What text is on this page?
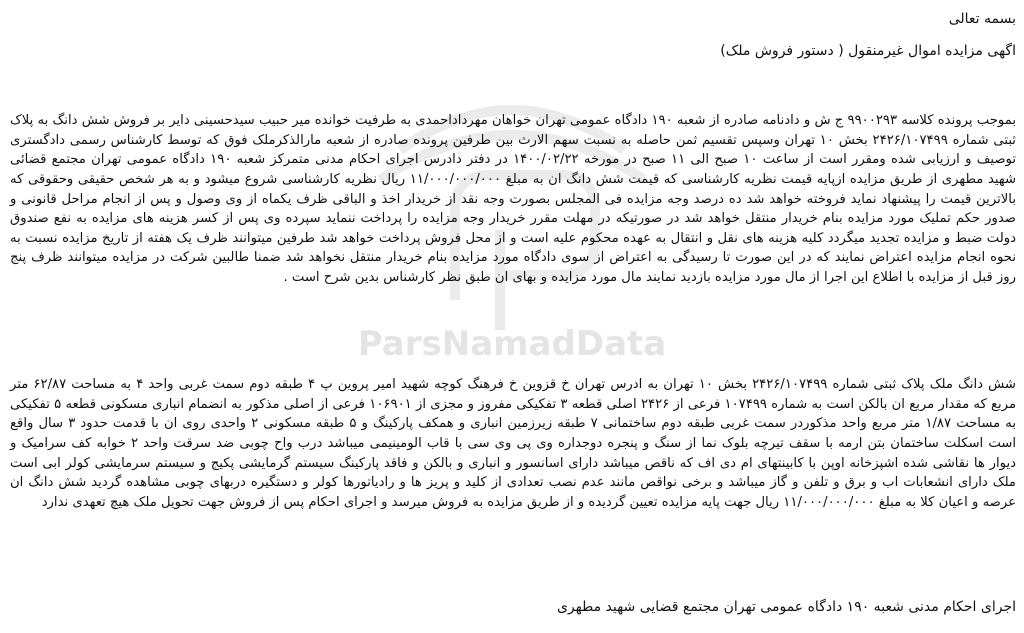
ParsNamadData
بسمه تعالی
اگهی مزایده اموال غیرمنقول ( دستور فروش ملک)

بموجب پرونده کلاسه ۹۹۰۰۲۹۳ ج ش و دادنامه صادره از شعبه ۱۹۰ دادگاه عمومی تهران خواهان مهرداداحمدی به طرفیت خوانده میر حبیب سیدحسینی دایر بر فروش شش دانگ به پلاک ثبتی شماره ۲۴۲۶/۱۰۷۴۹۹ بخش ۱۰ تهران وسپس تقسیم ثمن حاصله به نسبت سهم الارث بین طرفین پرونده صادره از شعبه مارالذکرملک فوق که توسط کارشناس رسمی دادگستری توصیف و ارزیابی شده ومقرر است از ساعت ۱۰ صبح الی ۱۱ صبح در مورخه ۱۴۰۰/۰۲/۲۲ در دفتر دادرس اجرای احکام مدنی متمرکز شعبه ۱۹۰ دادگاه عمومی تهران مجتمع قضائی شهید مطهری از طریق مزایده ازپایه قیمت نظریه کارشناسی که قیمت شش دانگ ان به مبلغ ۱۱/۰۰۰/۰۰۰/۰۰۰ ریال نظریه کارشناسی شروع میشود و به هر شخص حقیقی وحقوقی که بالاترین قیمت را پیشنهاد نماید فروخته خواهد شد ده درصد وجه مزایده فی المجلس بصورت وجه نقد از خریدار اخذ و الباقی ظرف یکماه از وی وصول و پس از انجام مراحل قانونی و صدور حکم تملیک مورد مزایده بنام خریدار منتقل خواهد شد در صورتیکه در مهلت مقرر خریدار وجه مزایده را پرداخت ننماید سپرده وی پس از کسر هزینه های مزایده به نفع صندوق دولت ضبط و مزایده تجدید میگردد کلیه هزینه های نقل و انتقال به عهده محکوم علیه است و از محل فروش پرداخت خواهد شد طرفین میتوانند ظرف یک هفته از تاریخ مزایده نسبت به نحوه انجام مزایده اعتراض نمایند که در این صورت تا رسیدگی به اعتراض از سوی دادگاه مورد مزایده بنام خریدار منتقل نخواهد شد ضمنا طالبین شرکت در مزایده میتوانند ظرف پنج روز قبل از مزایده با اطلاع این اجرا از مال مورد مزایده بازدید نمایند مال مورد مزایده و بهای ان طبق نظر کارشناس بدین شرح است .

شش دانگ ملک پلاک ثبتی شماره ۲۴۲۶/۱۰۷۴۹۹ بخش ۱۰ تهران به ادرس تهران خ قزوین خ فرهنگ کوچه شهید امیر پروین پ ۴ طبقه دوم سمت غربی واحد ۴ به مساحت ۶۲/۸۷ متر مربع که مقدار مربع ان بالکن است به شماره ۱۰۷۴۹۹ فرعی از ۲۴۲۶ اصلی قطعه ۳ تفکیکی مفروز و مجزی از ۱۰۶۹۰۱ فرعی از اصلی مذکور به انضمام انباری مسکونی قطعه ۵ تفکیکی به مساحت ۱/۸۷ متر مربع واحد مذکوردر سمت غربی طبقه دوم ساختمانی ۷ طبقه زیرزمین انباری و همکف پارکینگ و ۵ طبقه مسکونی ۲ واحدی روی ان با قدمت حدود ۳ سال واقع است اسکلت ساختمان بتن ارمه با سقف تیرچه بلوک نما از سنگ و پنجره دوجداره وی پی وی سی با قاب الومینیمی میباشد درب واح چوبی ضد سرقت واحد ۲ خوابه کف سرامیک و دیوار ها نقاشی شده اشپزخانه اوپن با کابینتهای ام دی اف که ناقص میباشد دارای اسانسور و انباری و بالکن و فاقد پارکینگ سیستم گرمایشی پکیج و سیستم سرمایشی کولر ابی است ملک دارای انشعابات اب و برق و تلفن و گاز میباشد و برخی نواقص مانند عدم نصب تعدادی از کلید و پریز ها و رادیاتورها کولر و دستگیره دربهای چوبی مشاهده گردید شش دانگ ان عرصه و اعیان کلا به مبلغ ۱۱/۰۰۰/۰۰۰/۰۰۰ ریال جهت پایه مزایده تعیین گردیده و از طریق مزایده به فروش میرسد و اجرای احکام پس از فروش جهت تحویل ملک هیچ تعهدی ندارد

اجرای احکام مدنی شعبه ۱۹۰ دادگاه عمومی تهران مجتمع قضایی شهید مطهری
